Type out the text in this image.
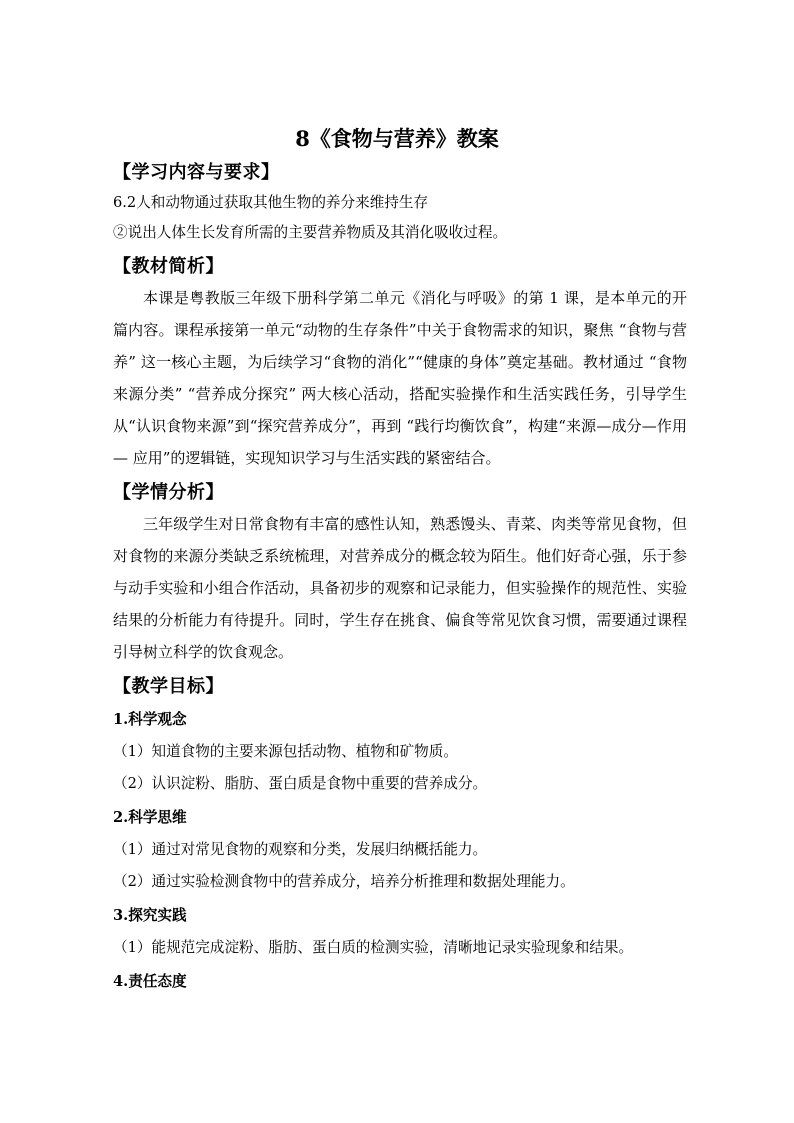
8《食物与营养》教案
【学习内容与要求】
6.2人和动物通过获取其他生物的养分来维持生存
②说出人体生长发育所需的主要营养物质及其消化吸收过程。
【教材简析】

本课是粤教版三年级下册科学第二单元《消化与呼吸》的第 1 课，是本单元的开篇内容。课程承接第一单元“动物的生存条件”中关于食物需求的知识，聚焦 “食物与营养” 这一核心主题，为后续学习“食物的消化”“健康的身体”奠定基础。教材通过 “食物来源分类” “营养成分探究” 两大核心活动，搭配实验操作和生活实践任务，引导学生从“认识食物来源”到“探究营养成分”，再到 “践行均衡饮食”，构建“来源—成分—作用— 应用”的逻辑链，实现知识学习与生活实践的紧密结合。

【学情分析】

三年级学生对日常食物有丰富的感性认知，熟悉馒头、青菜、肉类等常见食物，但对食物的来源分类缺乏系统梳理，对营养成分的概念较为陌生。他们好奇心强，乐于参与动手实验和小组合作活动，具备初步的观察和记录能力，但实验操作的规范性、实验结果的分析能力有待提升。同时，学生存在挑食、偏食等常见饮食习惯，需要通过课程引导树立科学的饮食观念。

【教学目标】
1.科学观念
（1）知道食物的主要来源包括动物、植物和矿物质。
（2）认识淀粉、脂肪、蛋白质是食物中重要的营养成分。
2.科学思维
（1）通过对常见食物的观察和分类，发展归纳概括能力。
（2）通过实验检测食物中的营养成分，培养分析推理和数据处理能力。
3.探究实践
（1）能规范完成淀粉、脂肪、蛋白质的检测实验，清晰地记录实验现象和结果。
4.责任态度
